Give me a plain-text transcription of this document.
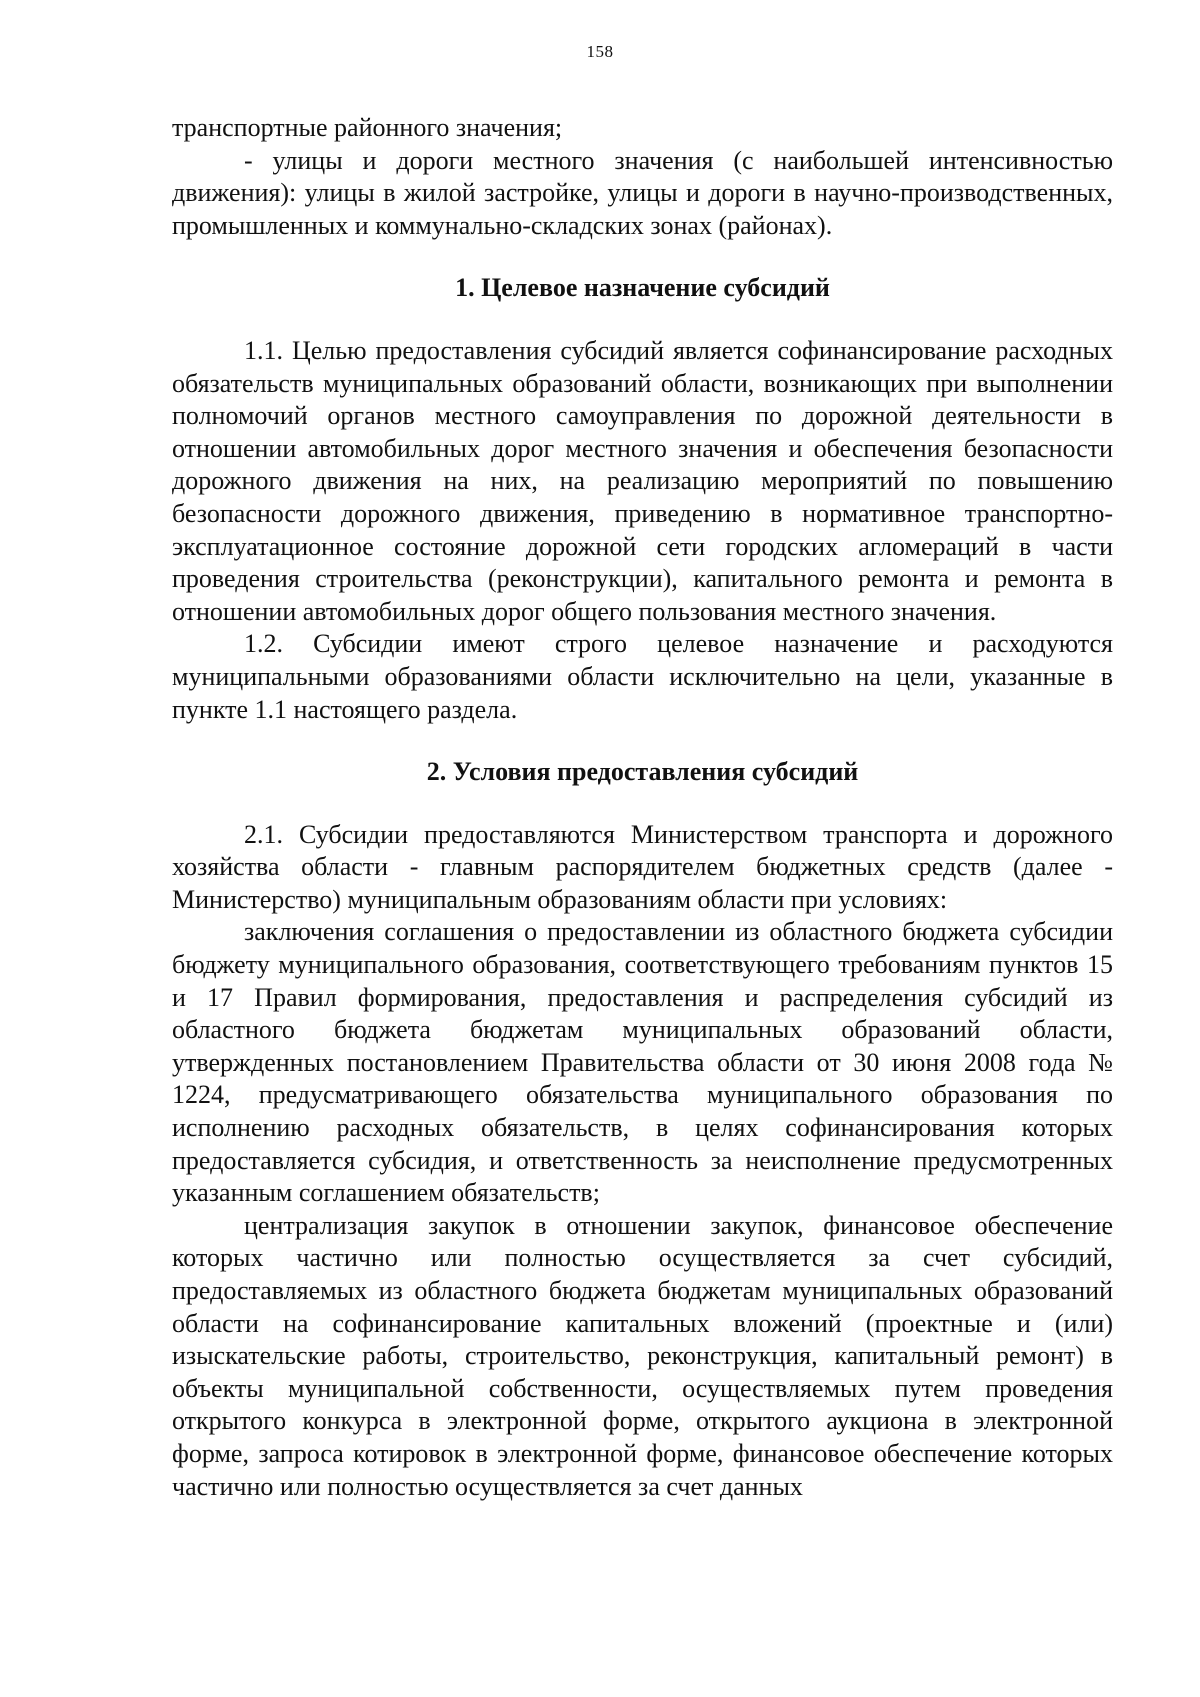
158

транспортные районного значения;

- улицы и дороги местного значения (с наибольшей интенсивностью движения): улицы в жилой застройке, улицы и дороги в научно-производственных, промышленных и коммунально-складских зонах (районах).

1. Целевое назначение субсидий

1.1. Целью предоставления субсидий является софинансирование расходных обязательств муниципальных образований области, возникающих при выполнении полномочий органов местного самоуправления по дорожной деятельности в отношении автомобильных дорог местного значения и обеспечения безопасности дорожного движения на них, на реализацию мероприятий по повышению безопасности дорожного движения, приведению в нормативное транспортно-эксплуатационное состояние дорожной сети городских агломераций в части проведения строительства (реконструкции), капитального ремонта и ремонта в отношении автомобильных дорог общего пользования местного значения.

1.2. Субсидии имеют строго целевое назначение и расходуются муниципальными образованиями области исключительно на цели, указанные в пункте 1.1 настоящего раздела.

2. Условия предоставления субсидий

2.1. Субсидии предоставляются Министерством транспорта и дорожного хозяйства области - главным распорядителем бюджетных средств (далее - Министерство) муниципальным образованиям области при условиях:

заключения соглашения о предоставлении из областного бюджета субсидии бюджету муниципального образования, соответствующего требованиям пунктов 15 и 17 Правил формирования, предоставления и распределения субсидий из областного бюджета бюджетам муниципальных образований области, утвержденных постановлением Правительства области от 30 июня 2008 года № 1224, предусматривающего обязательства муниципального образования по исполнению расходных обязательств, в целях софинансирования которых предоставляется субсидия, и ответственность за неисполнение предусмотренных указанным соглашением обязательств;

централизация закупок в отношении закупок, финансовое обеспечение которых частично или полностью осуществляется за счет субсидий, предоставляемых из областного бюджета бюджетам муниципальных образований области на софинансирование капитальных вложений (проектные и (или) изыскательские работы, строительство, реконструкция, капитальный ремонт) в объекты муниципальной собственности, осуществляемых путем проведения открытого конкурса в электронной форме, открытого аукциона в электронной форме, запроса котировок в электронной форме, финансовое обеспечение которых частично или полностью осуществляется за счет данных
